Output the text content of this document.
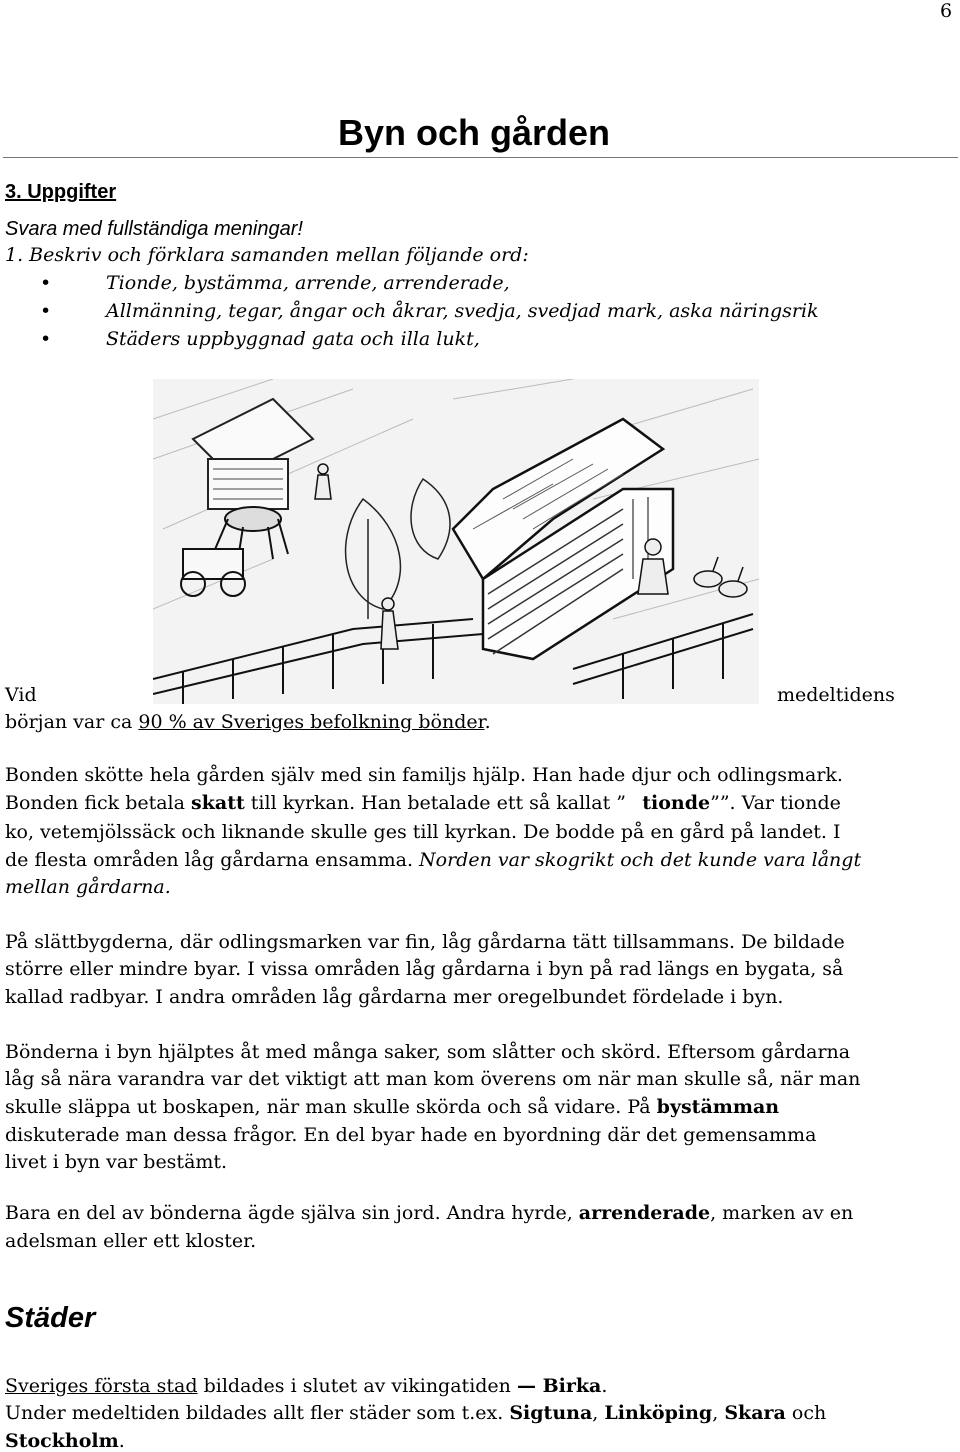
6
Byn och gården
3. Uppgifter
Svara med fullständiga meningar!
1. Beskriv och förklara samanden mellan följande ord:
•	Tionde, bystämma, arrende, arrenderade,
•	Allmänning, tegar, ångar och åkrar, svedja, svedjad mark, aska näringsrik
•	Städers uppbyggnad gata och illa lukt,
Vid	medeltidens
början var ca 90 % av Sveriges befolkning bönder.
Bonden skötte hela gården själv med sin familjs hjälp. Han hade djur och odlingsmark.
Bonden fick betala skatt till kyrkan. Han betalade ett så kallat ” tionde””. Var tionde
ko, vetemjölssäck och liknande skulle ges till kyrkan. De bodde på en gård på landet. I
de flesta områden låg gårdarna ensamma. Norden var skogrikt och det kunde vara långt
mellan gårdarna.
På slättbygderna, där odlingsmarken var fin, låg gårdarna tätt tillsammans. De bildade
större eller mindre byar. I vissa områden låg gårdarna i byn på rad längs en bygata, så
kallad radbyar. I andra områden låg gårdarna mer oregelbundet fördelade i byn.
Bönderna i byn hjälptes åt med många saker, som slåtter och skörd. Eftersom gårdarna
låg så nära varandra var det viktigt att man kom överens om när man skulle så, när man
skulle släppa ut boskapen, när man skulle skörda och så vidare. På bystämman
diskuterade man dessa frågor. En del byar hade en byordning där det gemensamma
livet i byn var bestämt.
Bara en del av bönderna ägde själva sin jord. Andra hyrde, arrenderade, marken av en
adelsman eller ett kloster.
Städer
Sveriges första stad bildades i slutet av vikingatiden — Birka.
Under medeltiden bildades allt fler städer som t.ex. Sigtuna, Linköping, Skara och
Stockholm.
